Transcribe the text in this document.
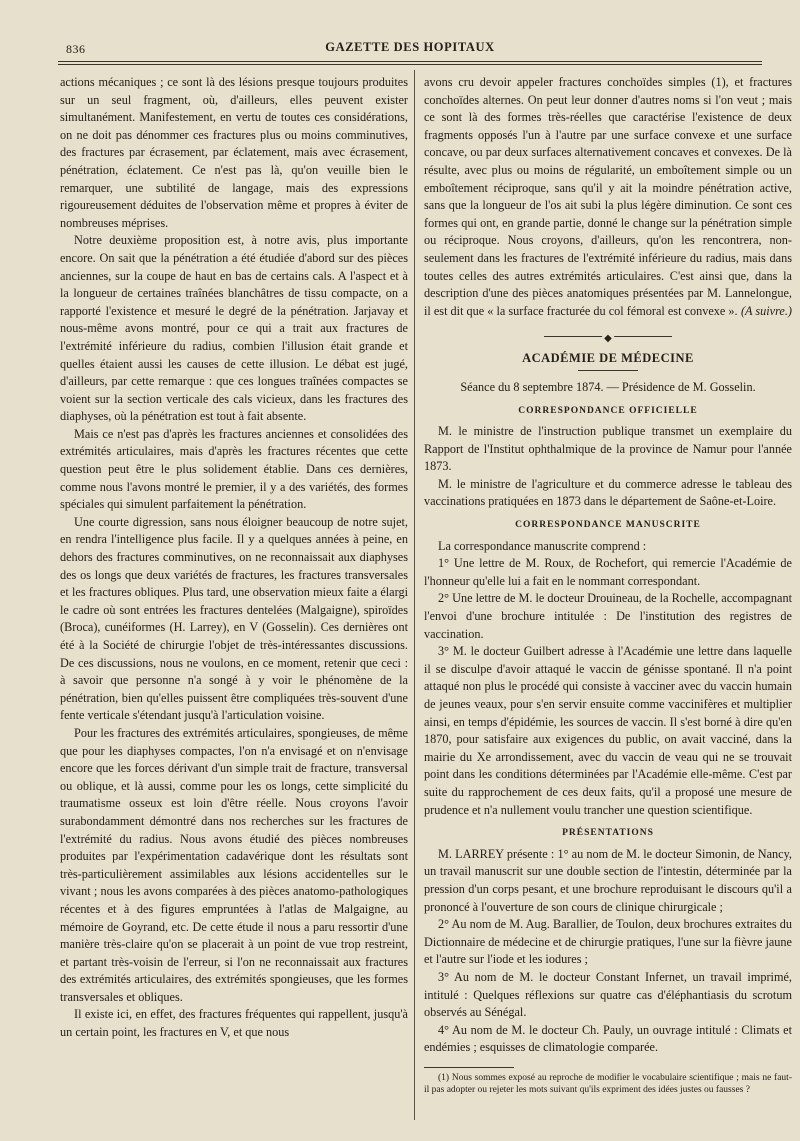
836	GAZETTE DES HOPITAUX

actions mécaniques ; ce sont là des lésions presque toujours produites sur un seul fragment, où, d'ailleurs, elles peuvent exister simultanément. Manifestement, en vertu de toutes ces considérations, on ne doit pas dénommer ces fractures plus ou moins comminutives, des fractures par écrasement, par éclatement, mais avec écrasement, pénétration, éclatement. Ce n'est pas là, qu'on veuille bien le remarquer, une subtilité de langage, mais des expressions rigoureusement déduites de l'observation même et propres à éviter de nombreuses méprises.

Notre deuxième proposition est, à notre avis, plus importante encore. On sait que la pénétration a été étudiée d'abord sur des pièces anciennes, sur la coupe de haut en bas de certains cals. A l'aspect et à la longueur de certaines traînées blanchâtres de tissu compacte, on a rapporté l'existence et mesuré le degré de la pénétration. Jarjavay et nous-même avons montré, pour ce qui a trait aux fractures de l'extrémité inférieure du radius, combien l'illusion était grande et quelles étaient aussi les causes de cette illusion. Le débat est jugé, d'ailleurs, par cette remarque : que ces longues traînées compactes se voient sur la section verticale des cals vicieux, dans les fractures des diaphyses, où la pénétration est tout à fait absente.

Mais ce n'est pas d'après les fractures anciennes et consolidées des extrémités articulaires, mais d'après les fractures récentes que cette question peut être le plus solidement établie. Dans ces dernières, comme nous l'avons montré le premier, il y a des variétés, des formes spéciales qui simulent parfaitement la pénétration.

Une courte digression, sans nous éloigner beaucoup de notre sujet, en rendra l'intelligence plus facile. Il y a quelques années à peine, en dehors des fractures comminutives, on ne reconnaissait aux diaphyses des os longs que deux variétés de fractures, les fractures transversales et les fractures obliques. Plus tard, une observation mieux faite a élargi le cadre où sont entrées les fractures dentelées (Malgaigne), spiroïdes (Broca), cunéiformes (H. Larrey), en V (Gosselin). Ces dernières ont été à la Société de chirurgie l'objet de très-intéressantes discussions. De ces discussions, nous ne voulons, en ce moment, retenir que ceci : à savoir que personne n'a songé à y voir le phénomène de la pénétration, bien qu'elles puissent être compliquées très-souvent d'une fente verticale s'étendant jusqu'à l'articulation voisine.

Pour les fractures des extrémités articulaires, spongieuses, de même que pour les diaphyses compactes, l'on n'a envisagé et on n'envisage encore que les forces dérivant d'un simple trait de fracture, transversal ou oblique, et là aussi, comme pour les os longs, cette simplicité du traumatisme osseux est loin d'être réelle. Nous croyons l'avoir surabondamment démontré dans nos recherches sur les fractures de l'extrémité du radius. Nous avons étudié des pièces nombreuses produites par l'expérimentation cadavérique dont les résultats sont très-particulièrement assimilables aux lésions accidentelles sur le vivant ; nous les avons comparées à des pièces anatomo-pathologiques récentes et à des figures empruntées à l'atlas de Malgaigne, au mémoire de Goyrand, etc. De cette étude il nous a paru ressortir d'une manière très-claire qu'on se placerait à un point de vue trop restreint, et partant très-voisin de l'erreur, si l'on ne reconnaissait aux fractures des extrémités articulaires, des extrémités spongieuses, que les formes transversales et obliques.

Il existe ici, en effet, des fractures fréquentes qui rappellent, jusqu'à un certain point, les fractures en V, et que nous

avons cru devoir appeler fractures conchoïdes simples (1), et fractures conchoïdes alternes. On peut leur donner d'autres noms si l'on veut ; mais ce sont là des formes très-réelles que caractérise l'existence de deux fragments opposés l'un à l'autre par une surface convexe et une surface concave, ou par deux surfaces alternativement concaves et convexes. De là résulte, avec plus ou moins de régularité, un emboîtement simple ou un emboîtement réciproque, sans qu'il y ait la moindre pénétration active, sans que la longueur de l'os ait subi la plus légère diminution. Ce sont ces formes qui ont, en grande partie, donné le change sur la pénétration simple ou réciproque. Nous croyons, d'ailleurs, qu'on les rencontrera, non-seulement dans les fractures de l'extrémité inférieure du radius, mais dans toutes celles des autres extrémités articulaires. C'est ainsi que, dans la description d'une des pièces anatomiques présentées par M. Lannelongue, il est dit que « la surface fracturée du col fémoral est convexe ». (A suivre.)

◆
ACADÉMIE DE MÉDECINE
Séance du 8 septembre 1874. — Présidence de M. Gosselin.
CORRESPONDANCE OFFICIELLE

M. le ministre de l'instruction publique transmet un exemplaire du Rapport de l'Institut ophthalmique de la province de Namur pour l'année 1873.

M. le ministre de l'agriculture et du commerce adresse le tableau des vaccinations pratiquées en 1873 dans le département de Saône-et-Loire.

CORRESPONDANCE MANUSCRITE

La correspondance manuscrite comprend :

1° Une lettre de M. Roux, de Rochefort, qui remercie l'Académie de l'honneur qu'elle lui a fait en le nommant correspondant.

2° Une lettre de M. le docteur Drouineau, de la Rochelle, accompagnant l'envoi d'une brochure intitulée : De l'institution des registres de vaccination.

3° M. le docteur Guilbert adresse à l'Académie une lettre dans laquelle il se disculpe d'avoir attaqué le vaccin de génisse spontané. Il n'a point attaqué non plus le procédé qui consiste à vacciner avec du vaccin humain de jeunes veaux, pour s'en servir ensuite comme vaccinifères et multiplier ainsi, en temps d'épidémie, les sources de vaccin. Il s'est borné à dire qu'en 1870, pour satisfaire aux exigences du public, on avait vacciné, dans la mairie du Xe arrondissement, avec du vaccin de veau qui ne se trouvait point dans les conditions déterminées par l'Académie elle-même. C'est par suite du rapprochement de ces deux faits, qu'il a proposé une mesure de prudence et n'a nullement voulu trancher une question scientifique.

PRÉSENTATIONS

M. LARREY présente : 1° au nom de M. le docteur Simonin, de Nancy, un travail manuscrit sur une double section de l'intestin, déterminée par la pression d'un corps pesant, et une brochure reproduisant le discours qu'il a prononcé à l'ouverture de son cours de clinique chirurgicale ;

2° Au nom de M. Aug. Barallier, de Toulon, deux brochures extraites du Dictionnaire de médecine et de chirurgie pratiques, l'une sur la fièvre jaune et l'autre sur l'iode et les iodures ;

3° Au nom de M. le docteur Constant Infernet, un travail imprimé, intitulé : Quelques réflexions sur quatre cas d'éléphantiasis du scrotum observés au Sénégal.

4° Au nom de M. le docteur Ch. Pauly, un ouvrage intitulé : Climats et endémies ; esquisses de climatologie comparée.

(1) Nous sommes exposé au reproche de modifier le vocabulaire scientifique ; mais ne faut-il pas adopter ou rejeter les mots suivant qu'ils expriment des idées justes ou fausses ?
